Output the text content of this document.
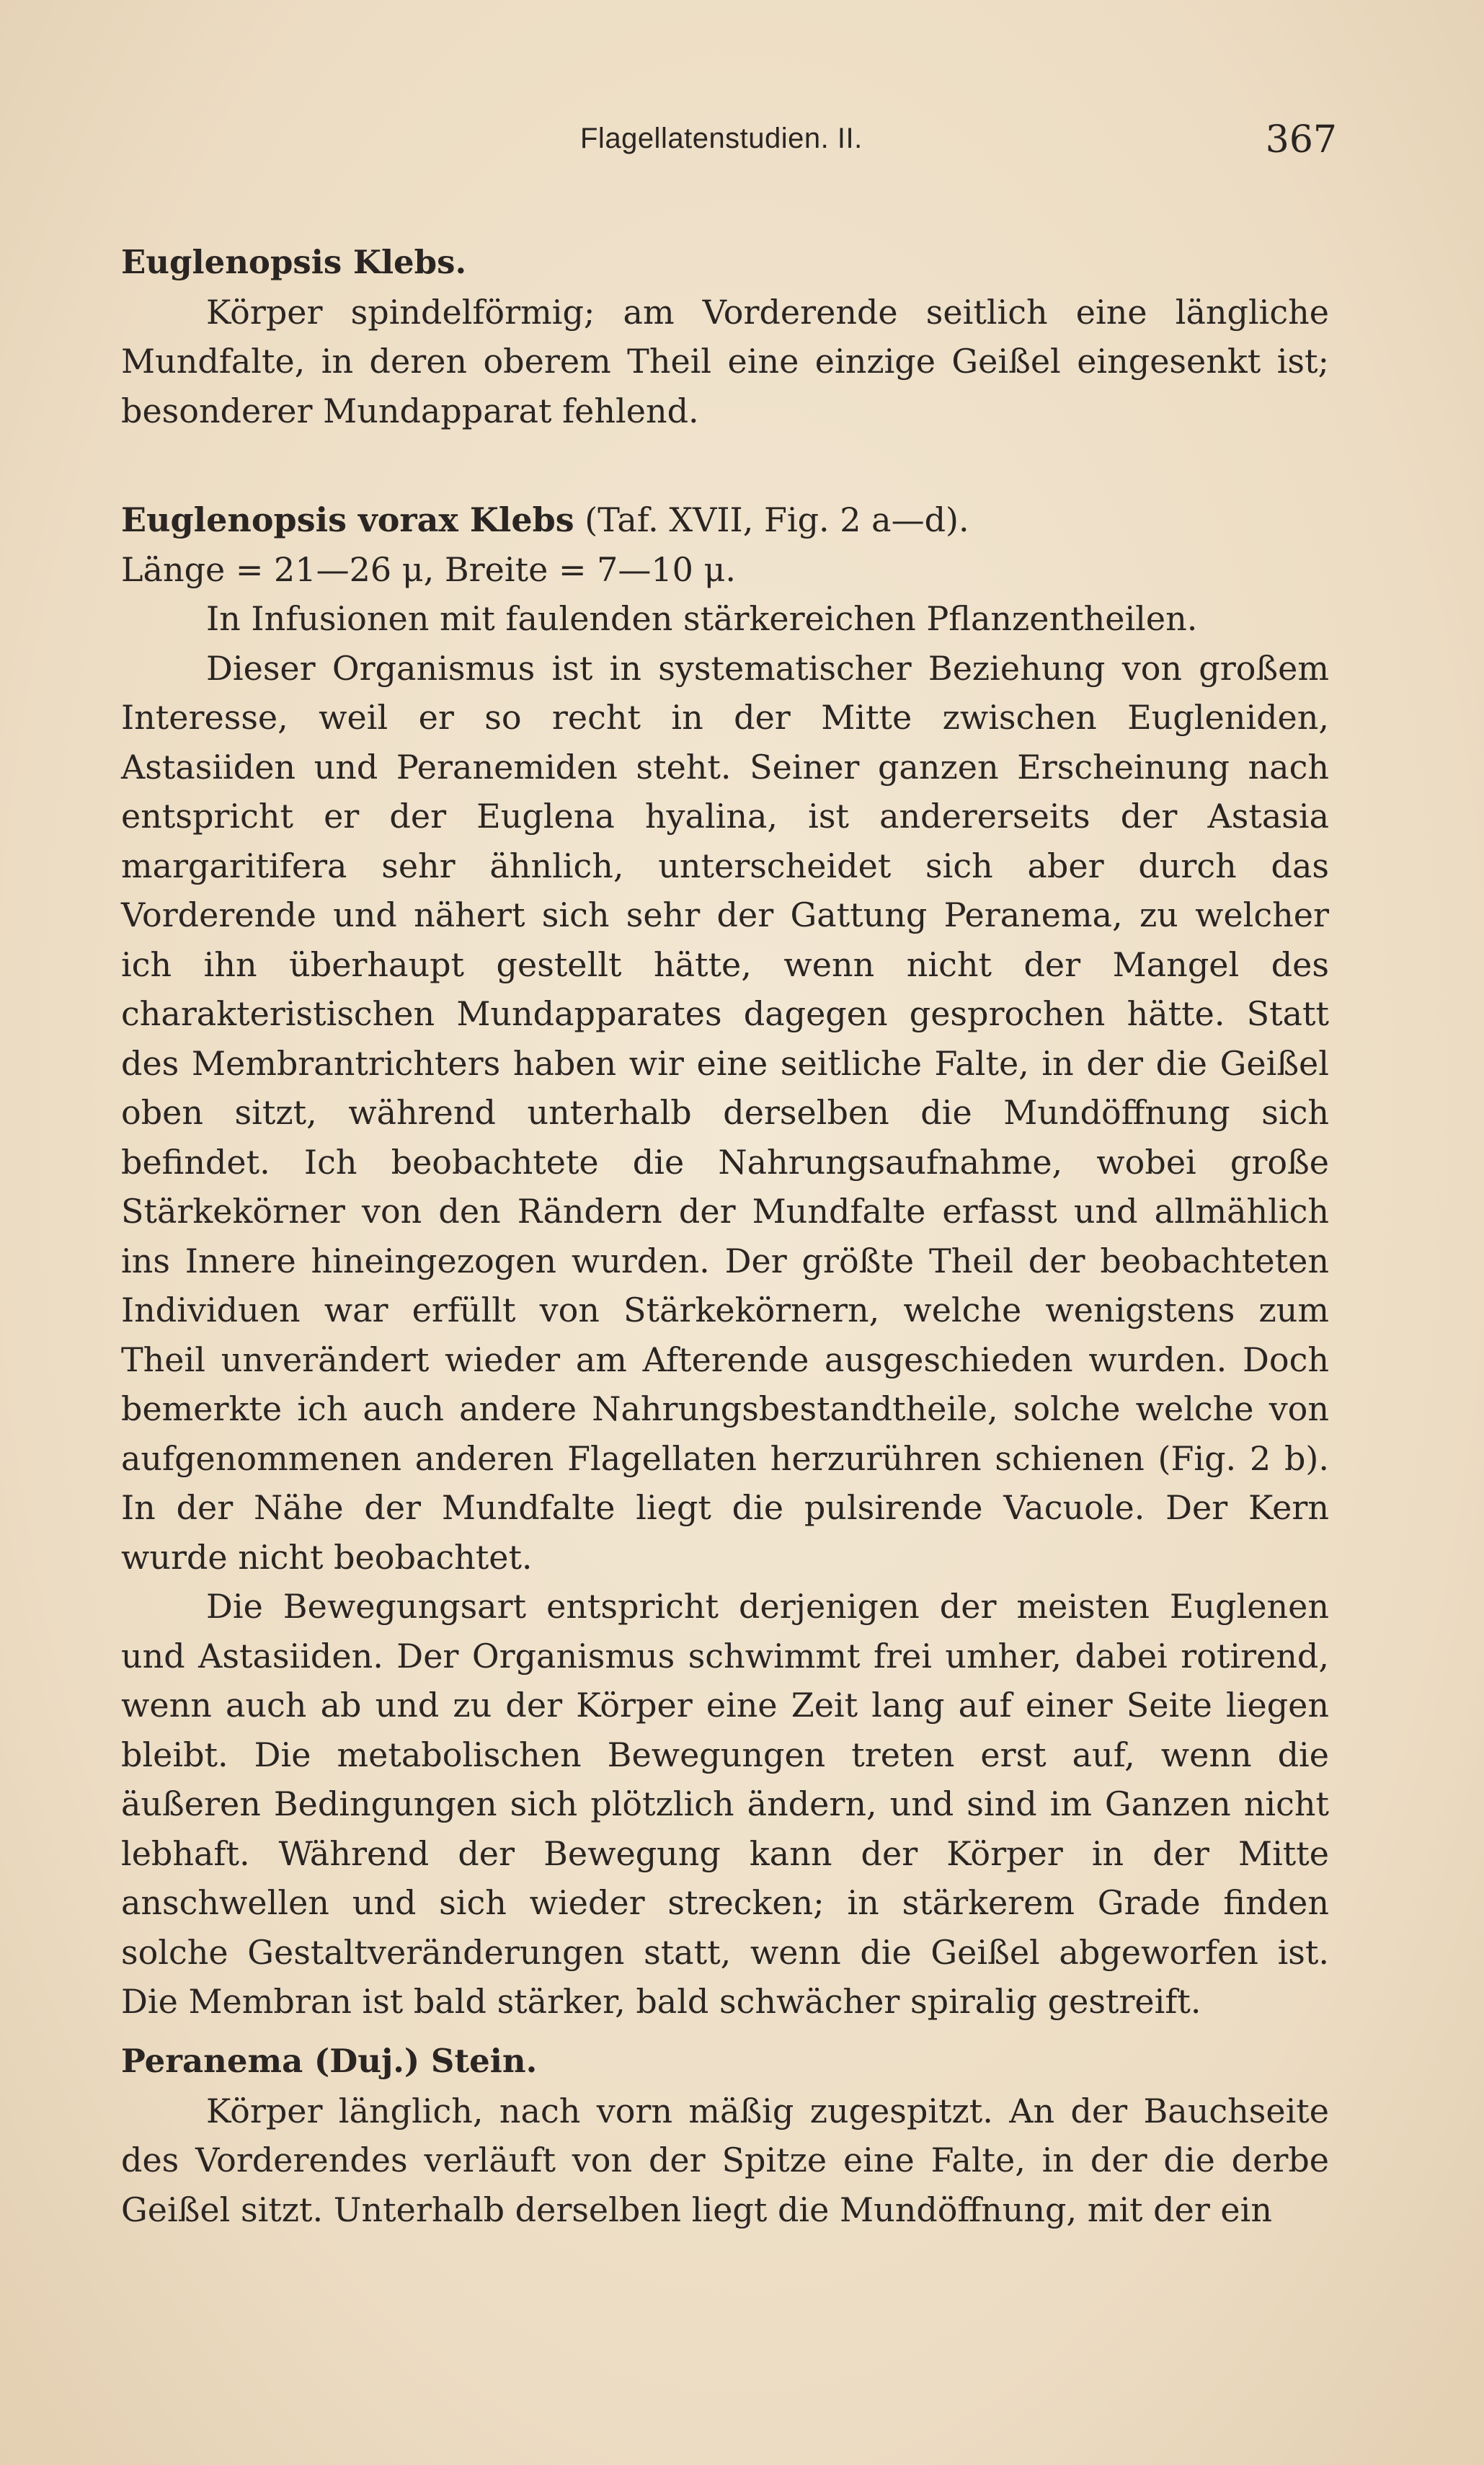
Flagellatenstudien. II.	367

Euglenopsis Klebs.

Körper spindelförmig; am Vorderende seitlich eine längliche Mundfalte, in deren oberem Theil eine einzige Geißel eingesenkt ist; besonderer Mundapparat fehlend.

Euglenopsis vorax Klebs (Taf. XVII, Fig. 2 a—d).

Länge = 21—26 μ, Breite = 7—10 μ.

In Infusionen mit faulenden stärkereichen Pflanzentheilen.

Dieser Organismus ist in systematischer Beziehung von großem Interesse, weil er so recht in der Mitte zwischen Eugleniden, Astasiiden und Peranemiden steht. Seiner ganzen Erscheinung nach entspricht er der Euglena hyalina, ist andererseits der Astasia margaritifera sehr ähnlich, unterscheidet sich aber durch das Vorderende und nähert sich sehr der Gattung Peranema, zu welcher ich ihn überhaupt gestellt hätte, wenn nicht der Mangel des charakteristischen Mundapparates dagegen gesprochen hätte. Statt des Membrantrichters haben wir eine seitliche Falte, in der die Geißel oben sitzt, während unterhalb derselben die Mundöffnung sich befindet. Ich beobachtete die Nahrungsaufnahme, wobei große Stärkekörner von den Rändern der Mundfalte erfasst und allmählich ins Innere hineingezogen wurden. Der größte Theil der beobachteten Individuen war erfüllt von Stärkekörnern, welche wenigstens zum Theil unverändert wieder am Afterende ausgeschieden wurden. Doch bemerkte ich auch andere Nahrungsbestandtheile, solche welche von aufgenommenen anderen Flagellaten herzurühren schienen (Fig. 2 b). In der Nähe der Mundfalte liegt die pulsirende Vacuole. Der Kern wurde nicht beobachtet.

Die Bewegungsart entspricht derjenigen der meisten Euglenen und Astasiiden. Der Organismus schwimmt frei umher, dabei rotirend, wenn auch ab und zu der Körper eine Zeit lang auf einer Seite liegen bleibt. Die metabolischen Bewegungen treten erst auf, wenn die äußeren Bedingungen sich plötzlich ändern, und sind im Ganzen nicht lebhaft. Während der Bewegung kann der Körper in der Mitte anschwellen und sich wieder strecken; in stärkerem Grade finden solche Gestaltveränderungen statt, wenn die Geißel abgeworfen ist. Die Membran ist bald stärker, bald schwächer spiralig gestreift.

Peranema (Duj.) Stein.

Körper länglich, nach vorn mäßig zugespitzt. An der Bauchseite des Vorderendes verläuft von der Spitze eine Falte, in der die derbe Geißel sitzt. Unterhalb derselben liegt die Mundöffnung, mit der ein
